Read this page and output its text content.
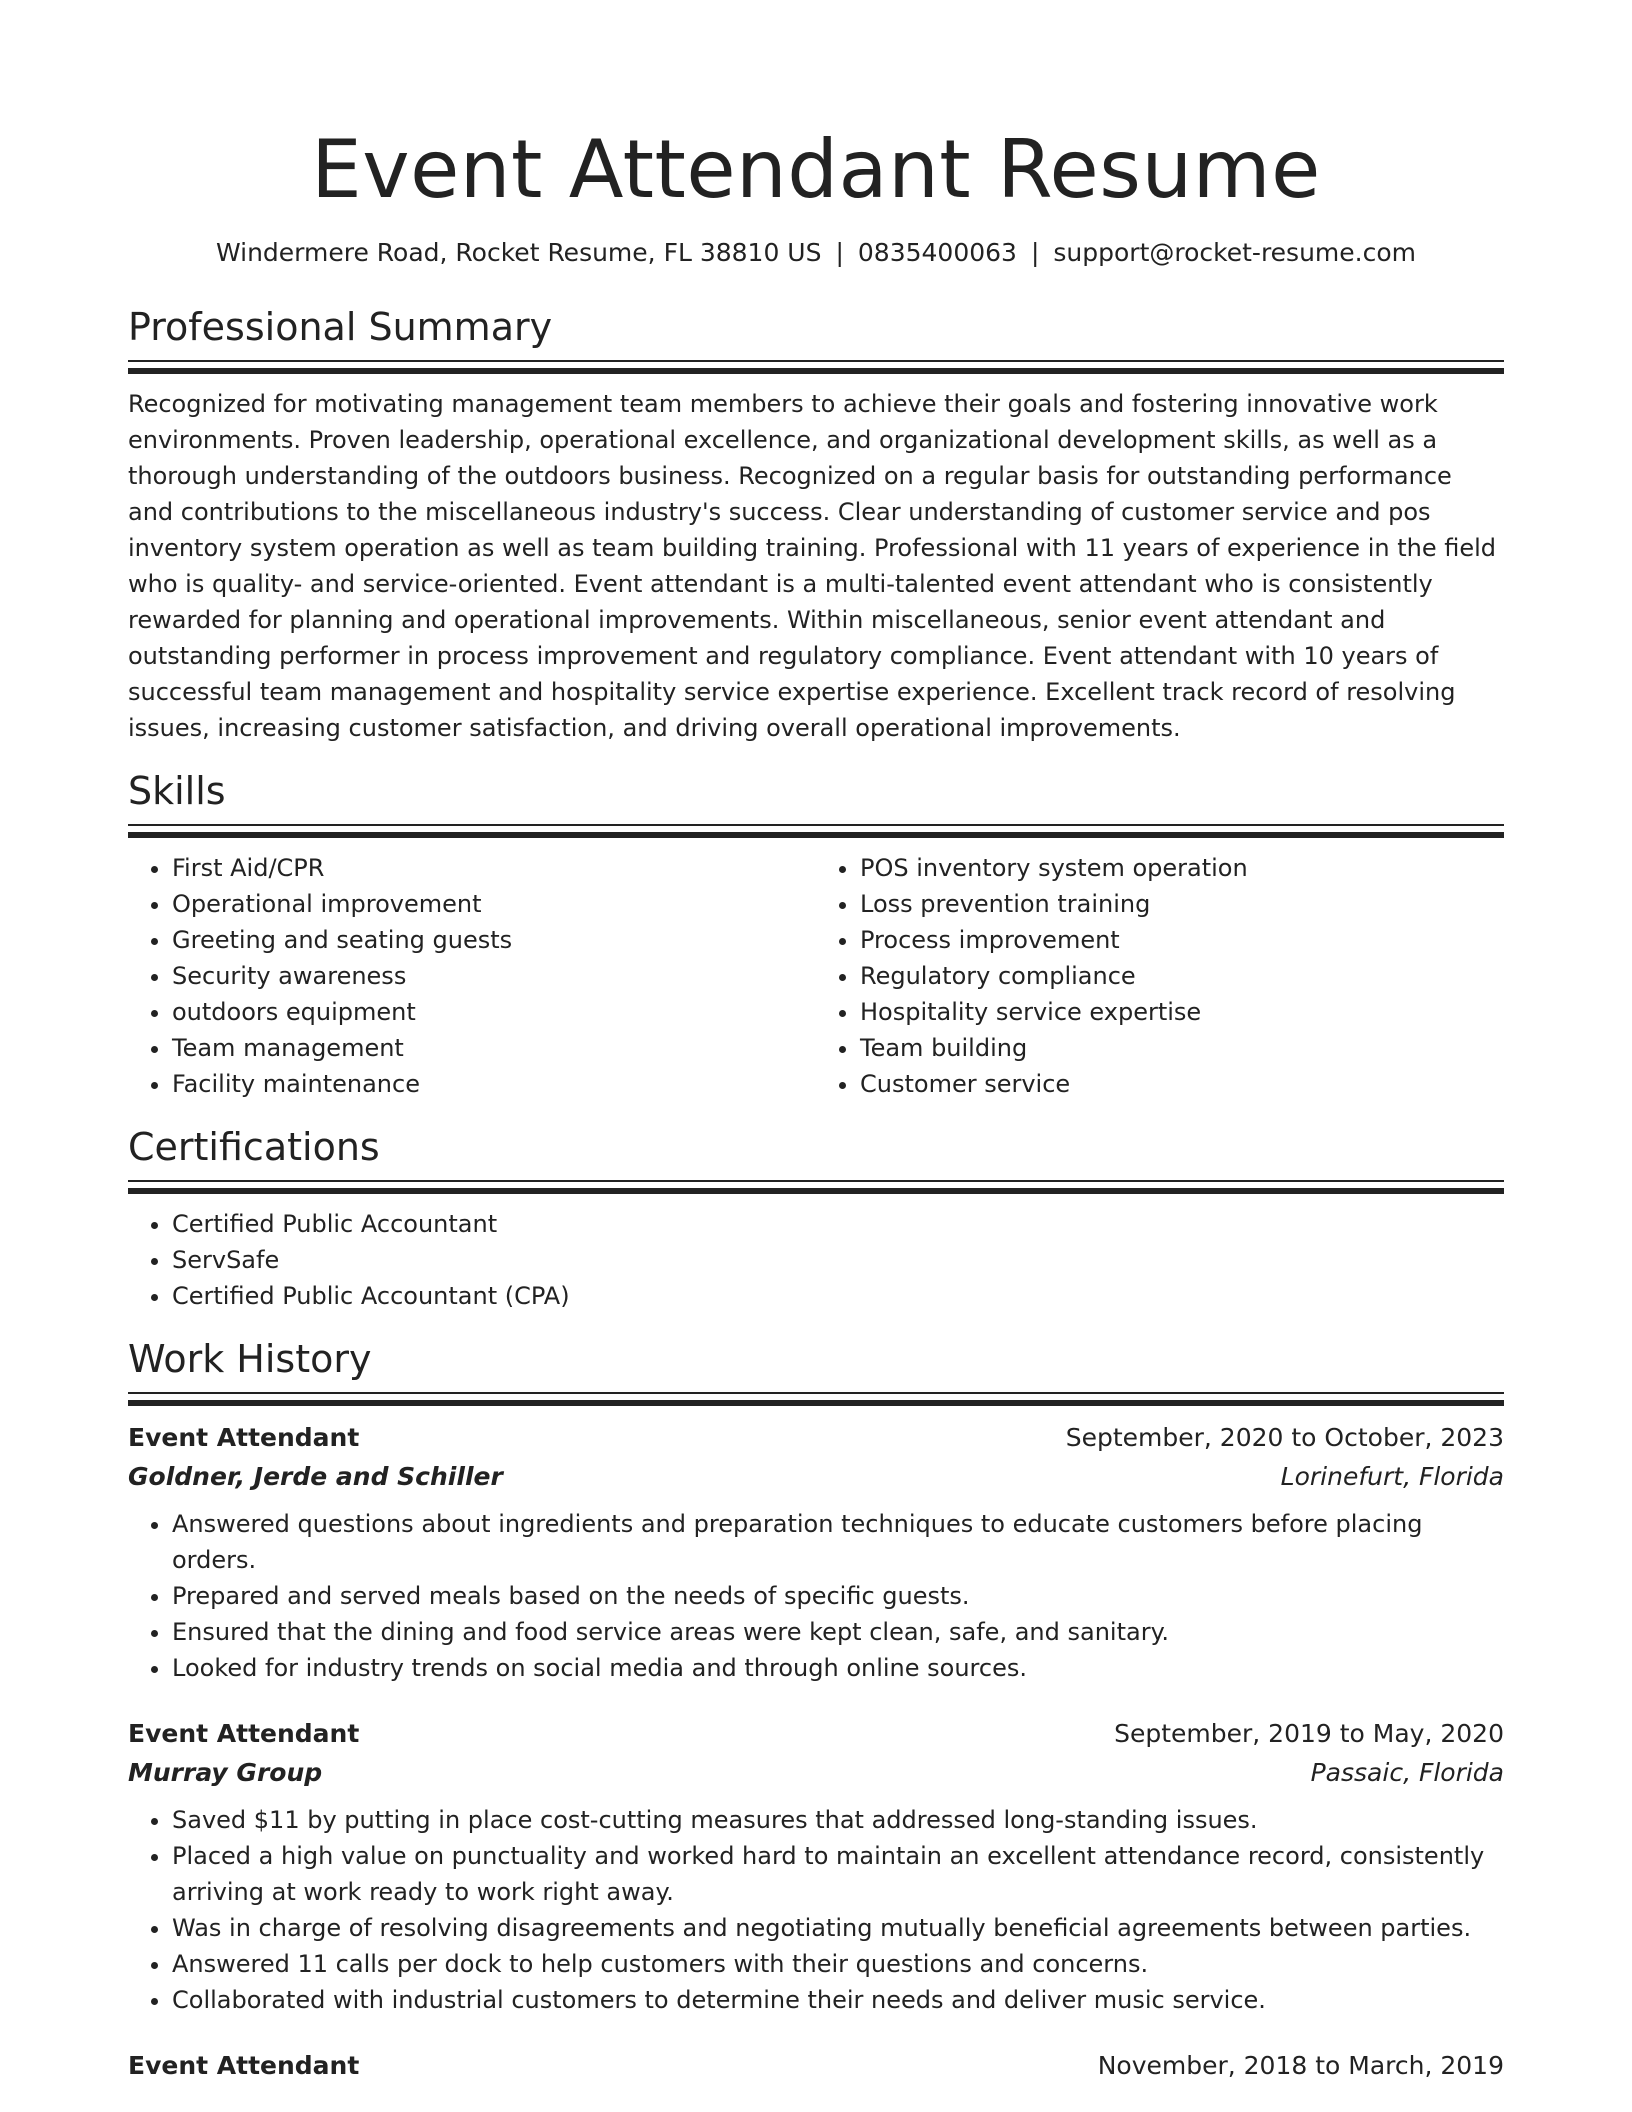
Event Attendant Resume
Windermere Road, Rocket Resume, FL 38810 US | 0835400063 | support@rocket-resume.com
Professional Summary

Recognized for motivating management team members to achieve their goals and fostering innovative work environments. Proven leadership, operational excellence, and organizational development skills, as well as a thorough understanding of the outdoors business. Recognized on a regular basis for outstanding performance and contributions to the miscellaneous industry's success. Clear understanding of customer service and pos inventory system operation as well as team building training. Professional with 11 years of experience in the field who is quality- and service-oriented. Event attendant is a multi-talented event attendant who is consistently rewarded for planning and operational improvements. Within miscellaneous, senior event attendant and outstanding performer in process improvement and regulatory compliance. Event attendant with 10 years of successful team management and hospitality service expertise experience. Excellent track record of resolving issues, increasing customer satisfaction, and driving overall operational improvements.

Skills
• First Aid/CPR
• Operational improvement
• Greeting and seating guests
• Security awareness
• outdoors equipment
• Team management
• Facility maintenance
• POS inventory system operation
• Loss prevention training
• Process improvement
• Regulatory compliance
• Hospitality service expertise
• Team building
• Customer service
Certifications
• Certified Public Accountant
• ServSafe
• Certified Public Accountant (CPA)
Work History
Event Attendant	September, 2020 to October, 2023
Goldner, Jerde and Schiller	Lorinefurt, Florida
• Answered questions about ingredients and preparation techniques to educate customers before placing orders.
• Prepared and served meals based on the needs of specific guests.
• Ensured that the dining and food service areas were kept clean, safe, and sanitary.
• Looked for industry trends on social media and through online sources.
Event Attendant	September, 2019 to May, 2020
Murray Group	Passaic, Florida
• Saved $11 by putting in place cost-cutting measures that addressed long-standing issues.
• Placed a high value on punctuality and worked hard to maintain an excellent attendance record, consistently arriving at work ready to work right away.
• Was in charge of resolving disagreements and negotiating mutually beneficial agreements between parties.
• Answered 11 calls per dock to help customers with their questions and concerns.
• Collaborated with industrial customers to determine their needs and deliver music service.
Event Attendant	November, 2018 to March, 2019
